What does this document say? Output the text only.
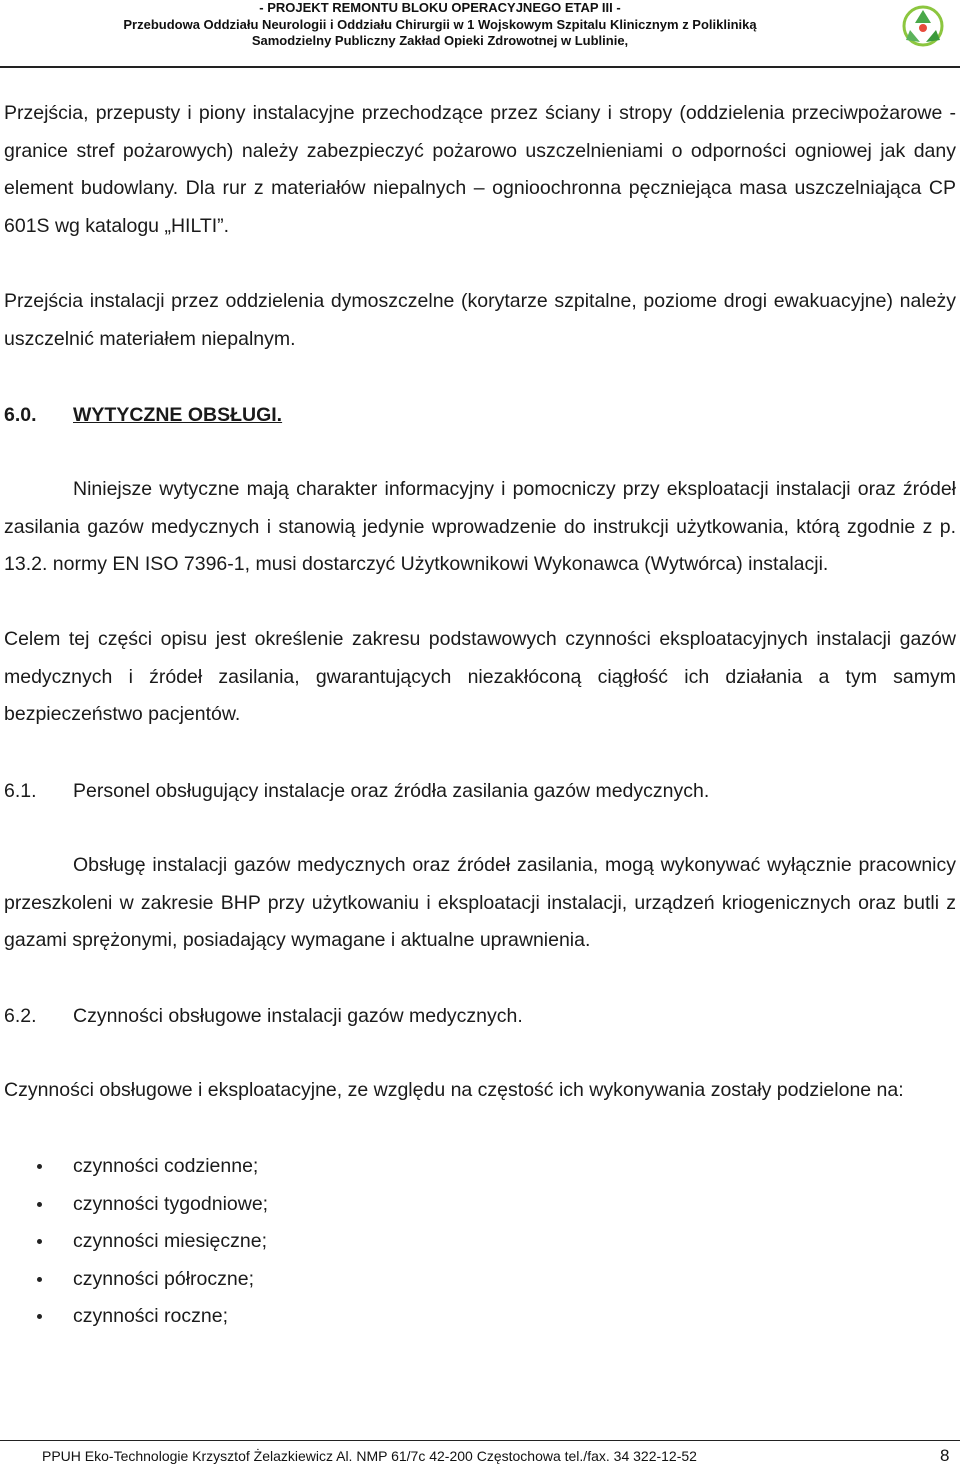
- PROJEKT REMONTU BLOKU OPERACYJNEGO ETAP III -
Przebudowa Oddziału Neurologii i Oddziału Chirurgii w 1 Wojskowym Szpitalu Klinicznym z Polikliniką
Samodzielny Publiczny Zakład Opieki Zdrowotnej w Lublinie,

Przejścia, przepusty i piony instalacyjne przechodzące przez ściany i stropy (oddzielenia przeciwpożarowe - granice stref pożarowych) należy zabezpieczyć pożarowo uszczelnieniami o odporności ogniowej jak dany element budowlany. Dla rur z materiałów niepalnych – ognioochronna pęczniejąca masa uszczelniająca CP 601S wg katalogu „HILTI”.

Przejścia instalacji przez oddzielenia dymoszczelne (korytarze szpitalne, poziome drogi ewakuacyjne) należy uszczelnić materiałem niepalnym.

6.0. WYTYCZNE OBSŁUGI.

Niniejsze wytyczne mają charakter informacyjny i pomocniczy przy eksploatacji instalacji oraz źródeł zasilania gazów medycznych i stanowią jedynie wprowadzenie do instrukcji użytkowania, którą zgodnie z p. 13.2. normy EN ISO 7396-1, musi dostarczyć Użytkownikowi Wykonawca (Wytwórca) instalacji.

Celem tej części opisu jest określenie zakresu podstawowych czynności eksploatacyjnych instalacji gazów medycznych i źródeł zasilania, gwarantujących niezakłóconą ciągłość ich działania a tym samym bezpieczeństwo pacjentów.

6.1. Personel obsługujący instalacje oraz źródła zasilania gazów medycznych.

Obsługę instalacji gazów medycznych oraz źródeł zasilania, mogą wykonywać wyłącznie pracownicy przeszkoleni w zakresie BHP przy użytkowaniu i eksploatacji instalacji, urządzeń kriogenicznych oraz butli z gazami sprężonymi, posiadający wymagane i aktualne uprawnienia.

6.2. Czynności obsługowe instalacji gazów medycznych.

Czynności obsługowe i eksploatacyjne, ze względu na częstość ich wykonywania zostały podzielone na:

czynności codzienne;
czynności tygodniowe;
czynności miesięczne;
czynności półroczne;
czynności roczne;
PPUH Eko-Technologie Krzysztof Żelazkiewicz Al. NMP 61/7c 42-200 Częstochowa tel./fax. 34 322-12-52	8
